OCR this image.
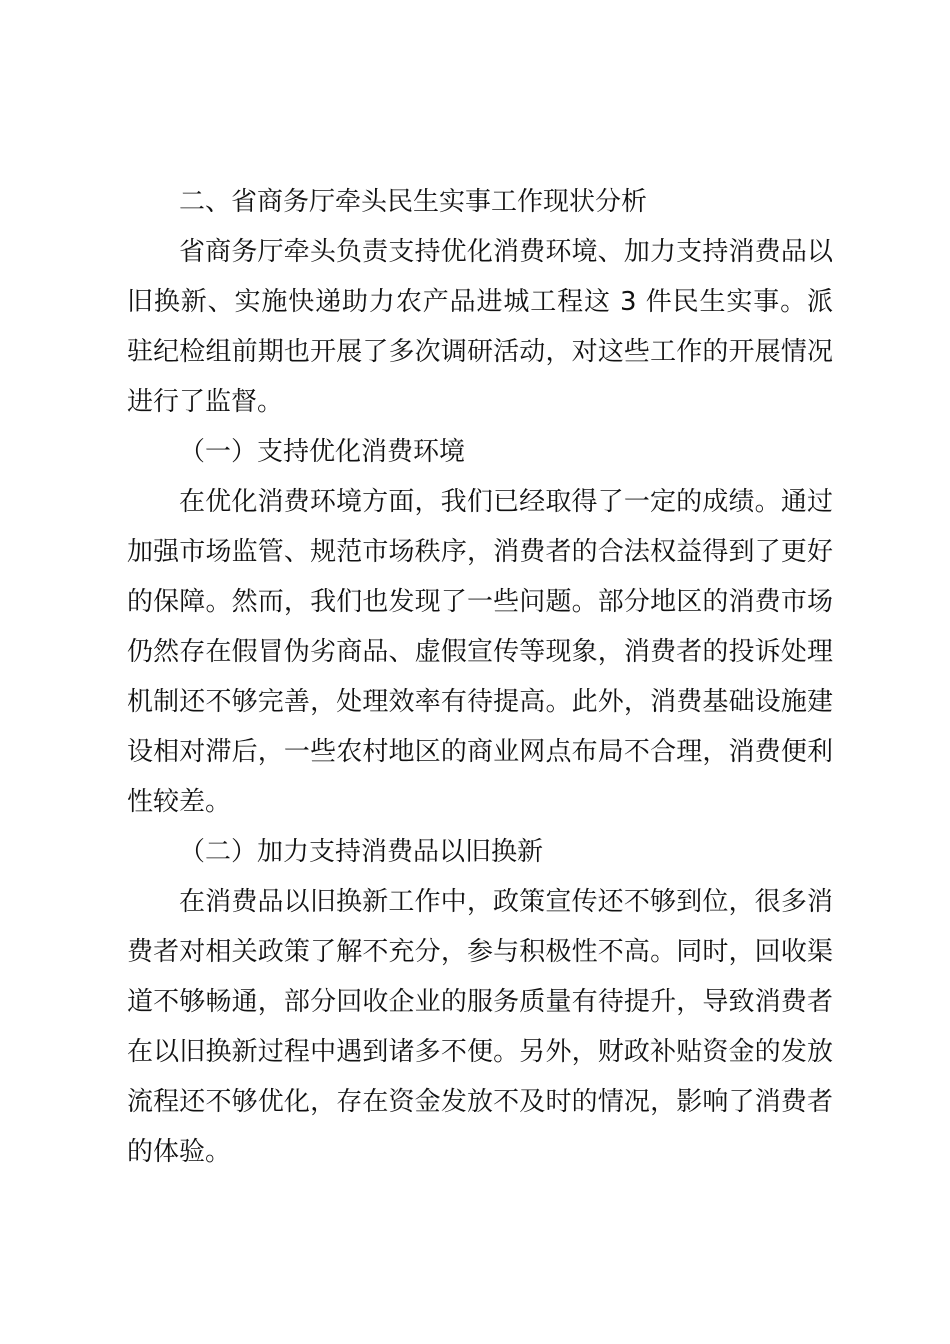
二、省商务厅牵头民生实事工作现状分析

省商务厅牵头负责支持优化消费环境、加力支持消费品以旧换新、实施快递助力农产品进城工程这 3 件民生实事。派驻纪检组前期也开展了多次调研活动，对这些工作的开展情况进行了监督。

（一）支持优化消费环境

在优化消费环境方面，我们已经取得了一定的成绩。通过加强市场监管、规范市场秩序，消费者的合法权益得到了更好的保障。然而，我们也发现了一些问题。部分地区的消费市场仍然存在假冒伪劣商品、虚假宣传等现象，消费者的投诉处理机制还不够完善，处理效率有待提高。此外，消费基础设施建设相对滞后，一些农村地区的商业网点布局不合理，消费便利性较差。

（二）加力支持消费品以旧换新

在消费品以旧换新工作中，政策宣传还不够到位，很多消费者对相关政策了解不充分，参与积极性不高。同时，回收渠道不够畅通，部分回收企业的服务质量有待提升，导致消费者在以旧换新过程中遇到诸多不便。另外，财政补贴资金的发放流程还不够优化，存在资金发放不及时的情况，影响了消费者的体验。
